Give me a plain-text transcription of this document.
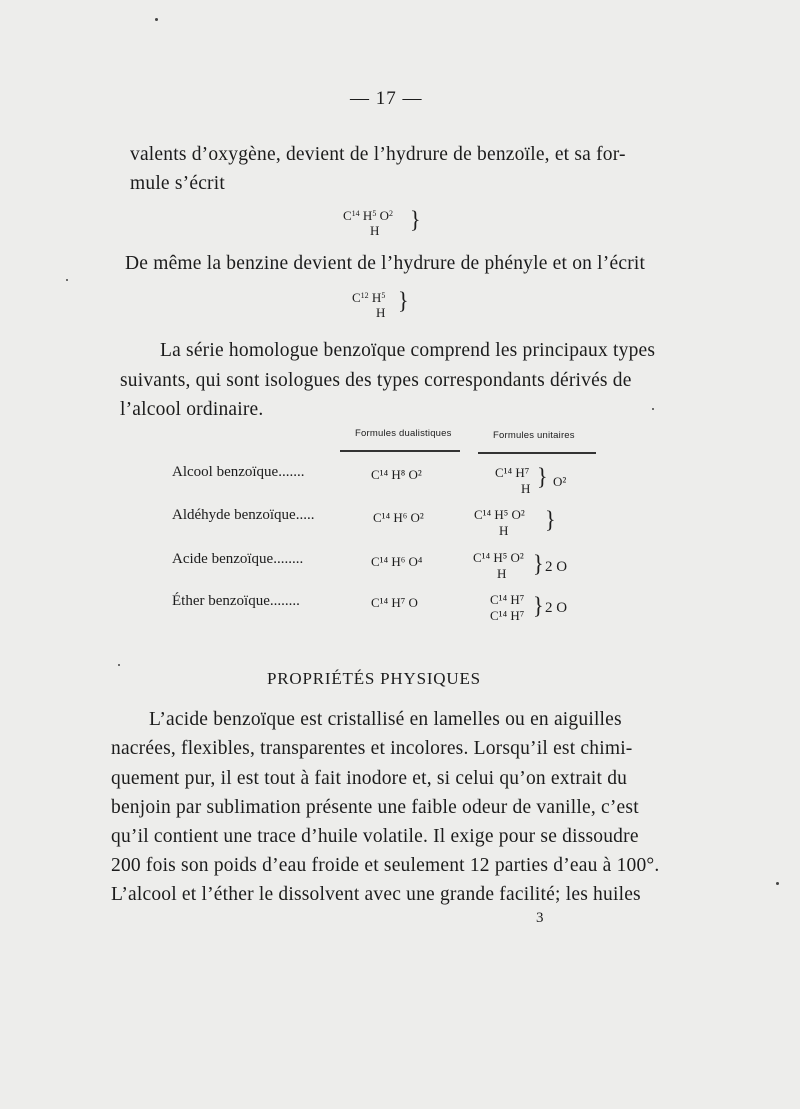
— 17 —
valents d’oxygène, devient de l’hydrure de benzoïle, et sa for-
mule s’écrit
$C^{14}$ $H^5$ $O^2$
H	}
De même la benzine devient de l’hydrure de phényle et on l’écrit
$C^{12}$ $H^5$
H }
La série homologue benzoïque comprend les principaux types
suivants, qui sont isologues des types correspondants dérivés de
l’alcool ordinaire.
Formules dualistiques	Formules unitaires
Alcool benzoïque.......	C¹⁴ H⁸ O²	C¹⁴ H⁷
H } O²
Aldéhyde benzoïque.....	C¹⁴ H⁶ O²	C¹⁴ H⁵ O²
H }
Acide benzoïque........	C¹⁴ H⁶ O⁴	C¹⁴ H⁵ O²
H } 2 O
Éther benzoïque........	C¹⁴ H⁷ O	C¹⁴ H⁷
C¹⁴ H⁷ } 2 O
PROPRIÉTÉS PHYSIQUES
L’acide benzoïque est cristallisé en lamelles ou en aiguilles
nacrées, flexibles, transparentes et incolores. Lorsqu’il est chimi-
quement pur, il est tout à fait inodore et, si celui qu’on extrait du
benjoin par sublimation présente une faible odeur de vanille, c’est
qu’il contient une trace d’huile volatile. Il exige pour se dissoudre
200 fois son poids d’eau froide et seulement 12 parties d’eau à 100°.
L’alcool et l’éther le dissolvent avec une grande facilité; les huiles
3
